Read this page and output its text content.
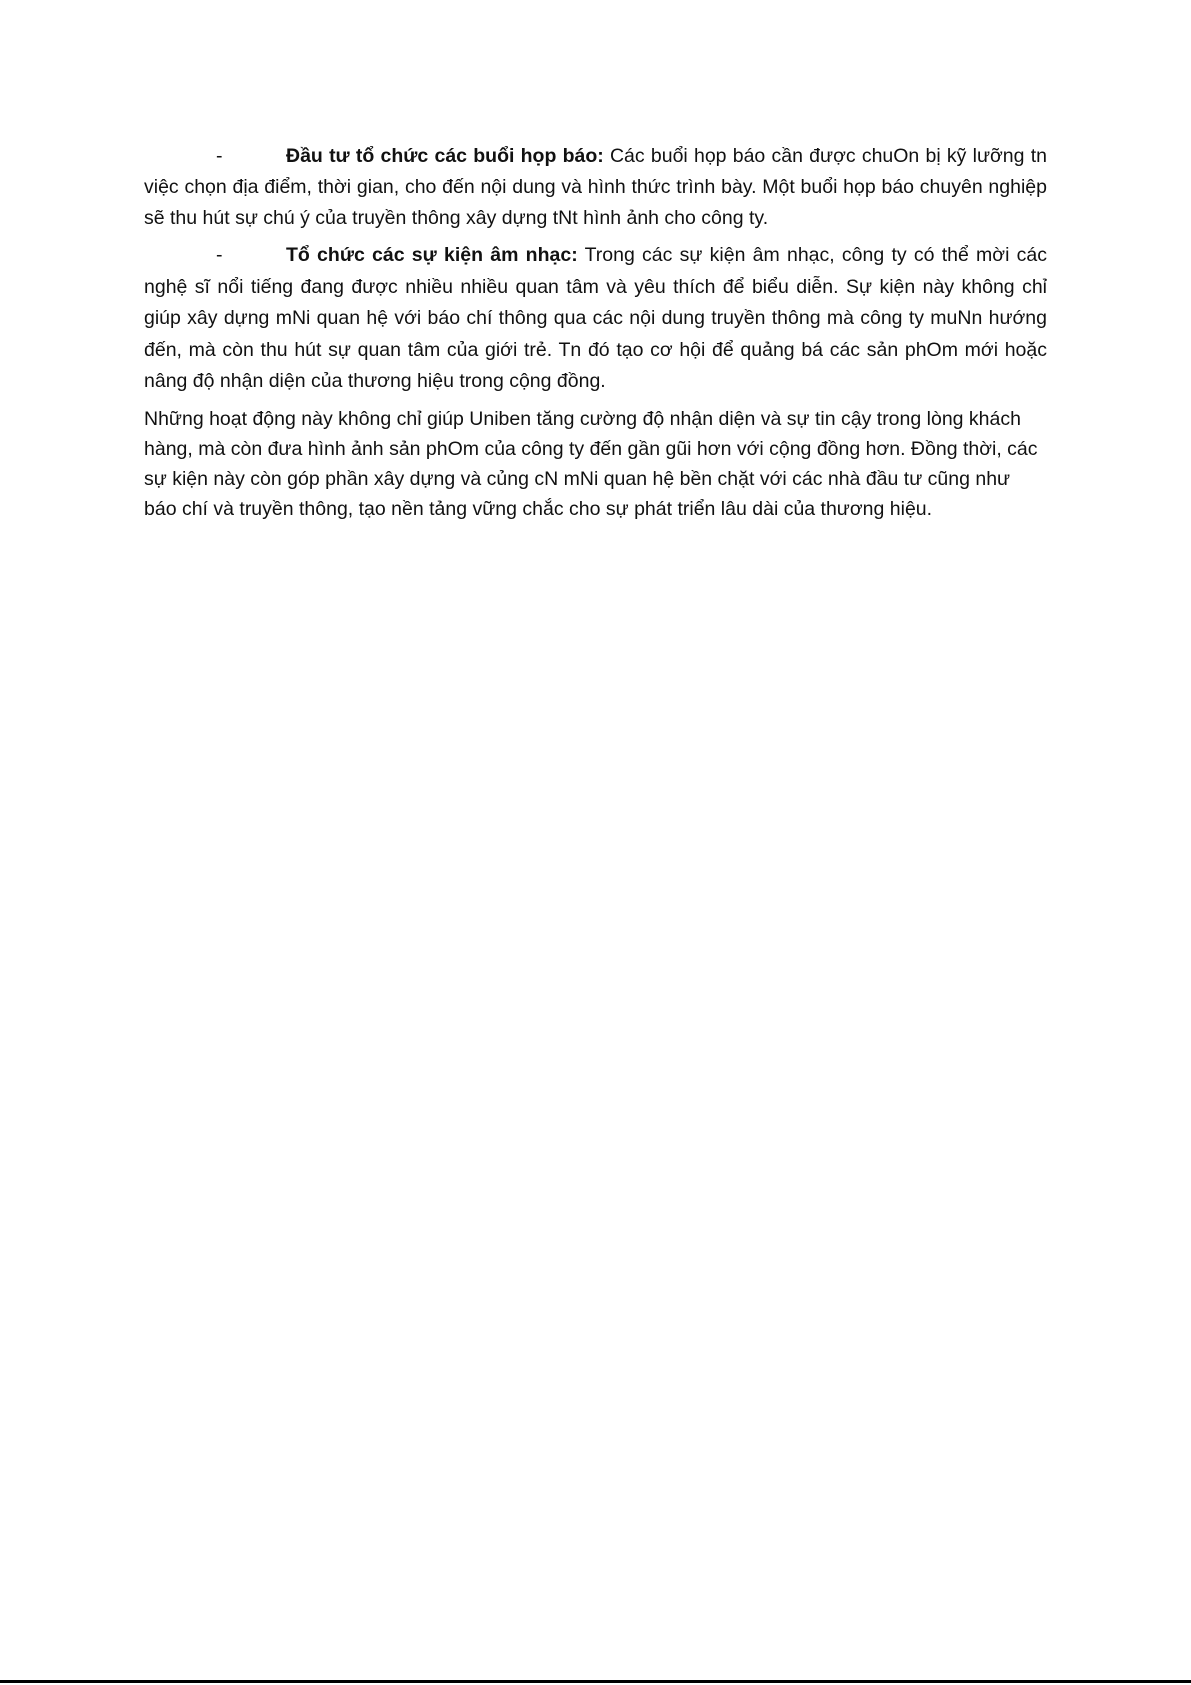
-	Đầu tư tổ chức các buổi họp báo: Các buổi họp báo cần được chuOn bị kỹ lưỡng tn việc chọn địa điểm, thời gian, cho đến nội dung và hình thức trình bày. Một buổi họp báo chuyên nghiệp sẽ thu hút sự chú ý của truyền thông xây dựng tNt hình ảnh cho công ty.

-	Tổ chức các sự kiện âm nhạc: Trong các sự kiện âm nhạc, công ty có thể mời các nghệ sĩ nổi tiếng đang được nhiều nhiều quan tâm và yêu thích để biểu diễn. Sự kiện này không chỉ giúp xây dựng mNi quan hệ với báo chí thông qua các nội dung truyền thông mà công ty muNn hướng đến, mà còn thu hút sự quan tâm của giới trẻ. Tn đó tạo cơ hội để quảng bá các sản phOm mới hoặc nâng độ nhận diện của thương hiệu trong cộng đồng.

Những hoạt động này không chỉ giúp Uniben tăng cường độ nhận diện và sự tin cậy trong lòng khách hàng, mà còn đưa hình ảnh sản phOm của công ty đến gần gũi hơn với cộng đồng hơn. Đồng thời, các sự kiện này còn góp phần xây dựng và củng cN mNi quan hệ bền chặt với các nhà đầu tư cũng như báo chí và truyền thông, tạo nền tảng vững chắc cho sự phát triển lâu dài của thương hiệu.
